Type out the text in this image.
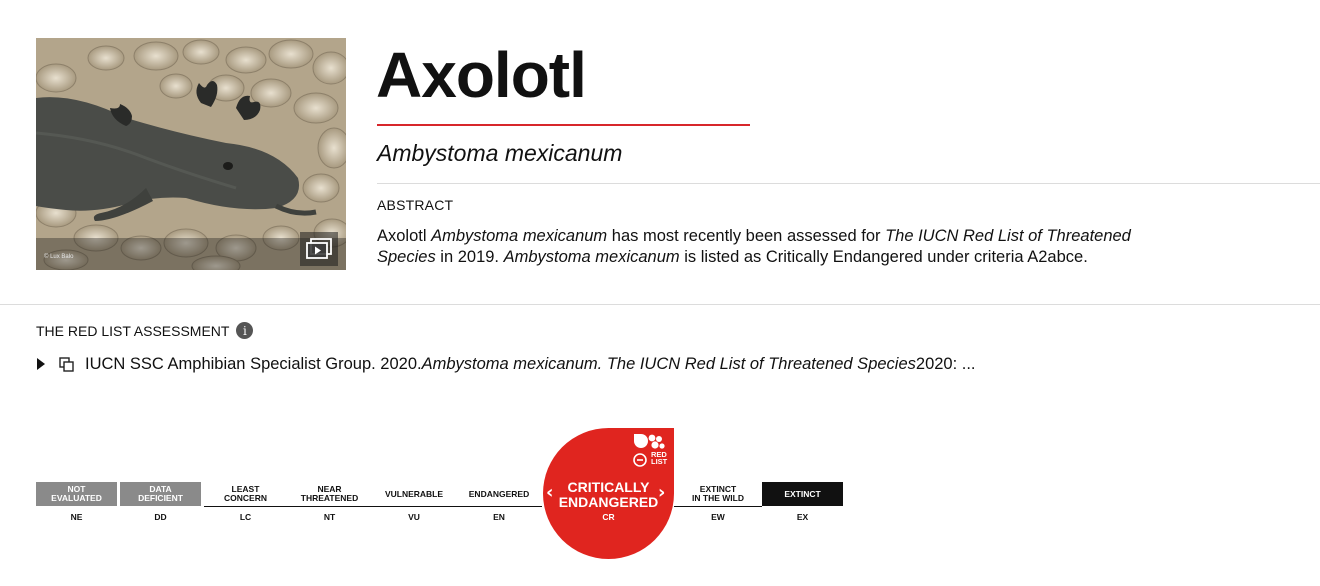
© Lux Balo
Axolotl
Ambystoma mexicanum
ABSTRACT
Axolotl Ambystoma mexicanum has most recently been assessed for The IUCN Red List of Threatened Species in 2019. Ambystoma mexicanum is listed as Critically Endangered under criteria A2abce.
THE RED LIST ASSESSMENT	i
IUCN SSC Amphibian Specialist Group. 2020. Ambystoma mexicanum. The IUCN Red List of Threatened Species 2020: ...
NOT
EVALUATED
NE
DATA
DEFICIENT
DD
LEAST
CONCERN
LC
NEAR
THREATENED
NT
VULNERABLE
VU
ENDANGERED
EN
EXTINCT
IN THE WILD
EW
EXTINCT
EX
RED
LIST
‹	›
CRITICALLY
ENDANGERED
CR
